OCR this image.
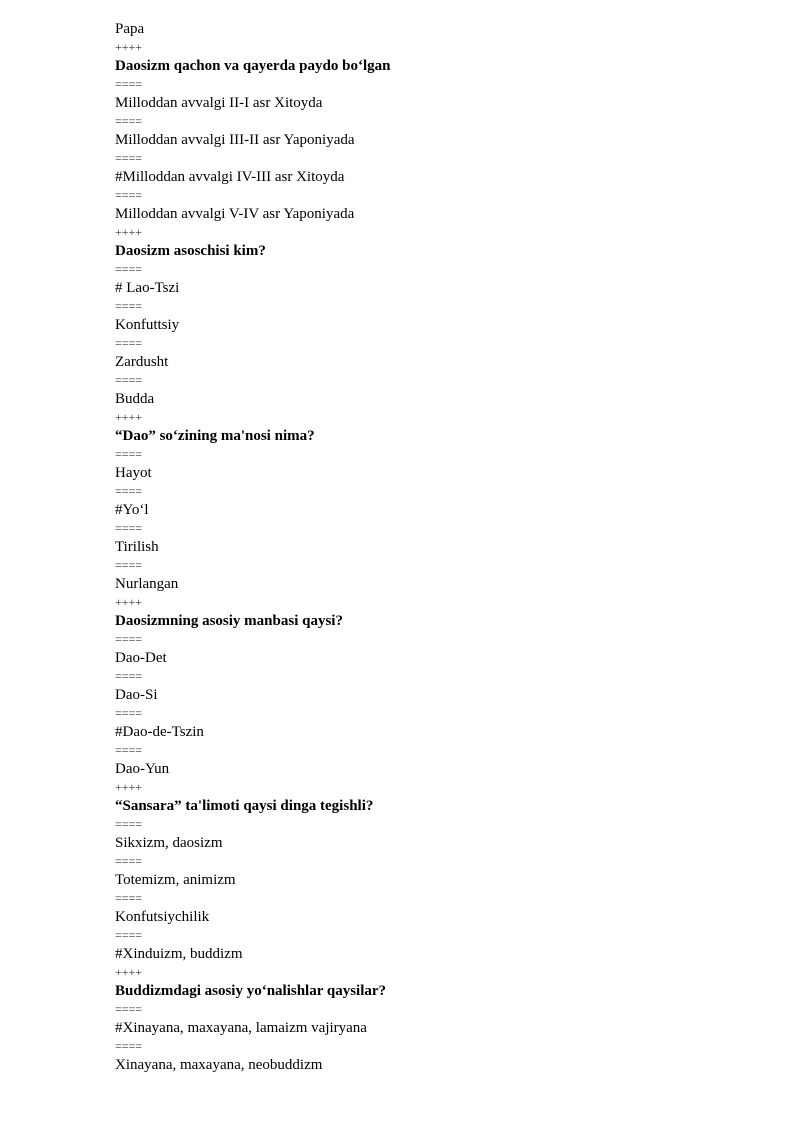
Papa
++++
Daosizm qachon va qayerda paydo bo‘lgan
====
Milloddan avvalgi II-I asr Xitoyda
====
Milloddan avvalgi III-II asr Yaponiyada
====
#Milloddan avvalgi IV-III asr Xitoyda
====
Milloddan avvalgi V-IV asr Yaponiyada
++++
Daosizm asoschisi kim?
====
# Lao-Tszi
====
Konfuttsiy
====
Zardusht
====
Budda
++++
“Dao” so‘zining ma'nosi nima?
====
Hayot
====
#Yo‘l
====
Tirilish
====
Nurlangan
++++
Daosizmning asosiy manbasi qaysi?
====
Dao-Det
====
Dao-Si
====
#Dao-de-Tszin
====
Dao-Yun
++++
“Sansara” ta'limoti qaysi dinga tegishli?
====
Sikxizm, daosizm
====
Totemizm, animizm
====
Konfutsiychilik
====
#Xinduizm, buddizm
++++
Buddizmdagi asosiy yo‘nalishlar qaysilar?
====
#Xinayana, maxayana, lamaizm vajiryana
====
Xinayana, maxayana, neobuddizm
